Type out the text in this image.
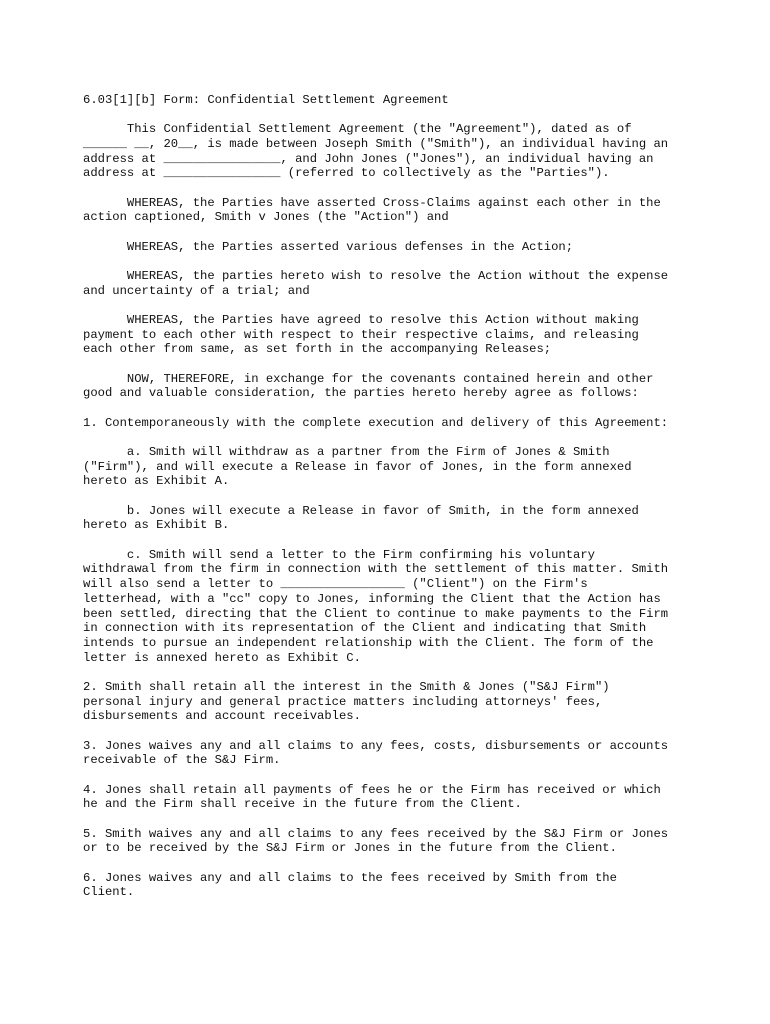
6.03[1][b] Form: Confidential Settlement Agreement
This Confidential Settlement Agreement (the "Agreement"), dated as of
______ __, 20__, is made between Joseph Smith ("Smith"), an individual having an
address at ________________, and John Jones ("Jones"), an individual having an
address at ________________ (referred to collectively as the "Parties").
WHEREAS, the Parties have asserted Cross-Claims against each other in the
action captioned, Smith v Jones (the "Action") and
WHEREAS, the Parties asserted various defenses in the Action;
WHEREAS, the parties hereto wish to resolve the Action without the expense
and uncertainty of a trial; and
WHEREAS, the Parties have agreed to resolve this Action without making
payment to each other with respect to their respective claims, and releasing
each other from same, as set forth in the accompanying Releases;
NOW, THEREFORE, in exchange for the covenants contained herein and other
good and valuable consideration, the parties hereto hereby agree as follows:
1. Contemporaneously with the complete execution and delivery of this Agreement:
a. Smith will withdraw as a partner from the Firm of Jones & Smith
("Firm"), and will execute a Release in favor of Jones, in the form annexed
hereto as Exhibit A.
b. Jones will execute a Release in favor of Smith, in the form annexed
hereto as Exhibit B.
c. Smith will send a letter to the Firm confirming his voluntary
withdrawal from the firm in connection with the settlement of this matter. Smith
will also send a letter to _________________ ("Client") on the Firm's
letterhead, with a "cc" copy to Jones, informing the Client that the Action has
been settled, directing that the Client to continue to make payments to the Firm
in connection with its representation of the Client and indicating that Smith
intends to pursue an independent relationship with the Client. The form of the
letter is annexed hereto as Exhibit C.
2. Smith shall retain all the interest in the Smith & Jones ("S&J Firm")
personal injury and general practice matters including attorneys' fees,
disbursements and account receivables.
3. Jones waives any and all claims to any fees, costs, disbursements or accounts
receivable of the S&J Firm.
4. Jones shall retain all payments of fees he or the Firm has received or which
he and the Firm shall receive in the future from the Client.
5. Smith waives any and all claims to any fees received by the S&J Firm or Jones
or to be received by the S&J Firm or Jones in the future from the Client.
6. Jones waives any and all claims to the fees received by Smith from the
Client.
